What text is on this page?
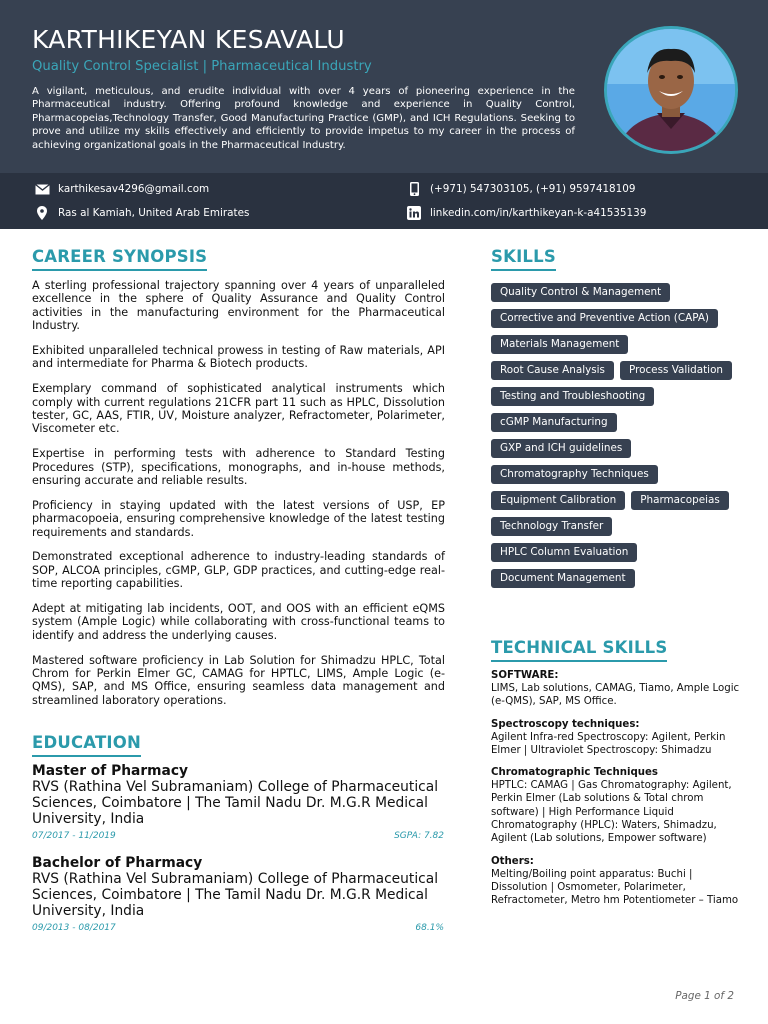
KARTHIKEYAN KESAVALU
Quality Control Specialist | Pharmaceutical Industry
A vigilant, meticulous, and erudite individual with over 4 years of pioneering experience in the Pharmaceutical industry. Offering profound knowledge and experience in Quality Control, Pharmacopeias,Technology Transfer, Good Manufacturing Practice (GMP), and ICH Regulations. Seeking to prove and utilize my skills effectively and efficiently to provide impetus to my career in the process of achieving organizational goals in the Pharmaceutical Industry.
karthikesav4296@gmail.com	(+971) 547303105, (+91) 9597418109
Ras al Kamiah, United Arab Emirates	linkedin.com/in/karthikeyan-k-a41535139
CAREER SYNOPSIS

A sterling professional trajectory spanning over 4 years of unparalleled excellence in the sphere of Quality Assurance and Quality Control activities in the manufacturing environment for the Pharmaceutical Industry.

Exhibited unparalleled technical prowess in testing of Raw materials, API and intermediate for Pharma & Biotech products.

Exemplary command of sophisticated analytical instruments which comply with current regulations 21CFR part 11 such as HPLC, Dissolution tester, GC, AAS, FTIR, UV, Moisture analyzer, Refractometer, Polarimeter, Viscometer etc.

Expertise in performing tests with adherence to Standard Testing Procedures (STP), specifications, monographs, and in-house methods, ensuring accurate and reliable results.

Proficiency in staying updated with the latest versions of USP, EP pharmacopoeia, ensuring comprehensive knowledge of the latest testing requirements and standards.

Demonstrated exceptional adherence to industry-leading standards of SOP, ALCOA principles, cGMP, GLP, GDP practices, and cutting-edge real-time reporting capabilities.

Adept at mitigating lab incidents, OOT, and OOS with an efficient eQMS system (Ample Logic) while collaborating with cross-functional teams to identify and address the underlying causes.

Mastered software proficiency in Lab Solution for Shimadzu HPLC, Total Chrom for Perkin Elmer GC, CAMAG for HPTLC, LIMS, Ample Logic (e-QMS), SAP, and MS Office, ensuring seamless data management and streamlined laboratory operations.

EDUCATION
Master of Pharmacy
RVS (Rathina Vel Subramaniam) College of Pharmaceutical Sciences, Coimbatore | The Tamil Nadu Dr. M.G.R Medical University, India
07/2017 - 11/2019	SGPA: 7.82
Bachelor of Pharmacy
RVS (Rathina Vel Subramaniam) College of Pharmaceutical Sciences, Coimbatore | The Tamil Nadu Dr. M.G.R Medical University, India
09/2013 - 08/2017	68.1%
SKILLS
Quality Control & Management
Corrective and Preventive Action (CAPA)
Materials Management
Root Cause Analysis	Process Validation
Testing and Troubleshooting
cGMP Manufacturing
GXP and ICH guidelines
Chromatography Techniques
Equipment Calibration	Pharmacopeias
Technology Transfer
HPLC Column Evaluation
Document Management
TECHNICAL SKILLS
SOFTWARE:
LIMS, Lab solutions, CAMAG, Tiamo, Ample Logic (e-QMS), SAP, MS Office.
Spectroscopy techniques:
Agilent Infra-red Spectroscopy: Agilent, Perkin Elmer | Ultraviolet Spectroscopy: Shimadzu
Chromatographic Techniques
HPTLC: CAMAG | Gas Chromatography: Agilent, Perkin Elmer (Lab solutions & Total chrom software) | High Performance Liquid Chromatography (HPLC): Waters, Shimadzu, Agilent (Lab solutions, Empower software)
Others:
Melting/Boiling point apparatus: Buchi | Dissolution | Osmometer, Polarimeter, Refractometer, Metro hm Potentiometer – Tiamo
Page 1 of 2
